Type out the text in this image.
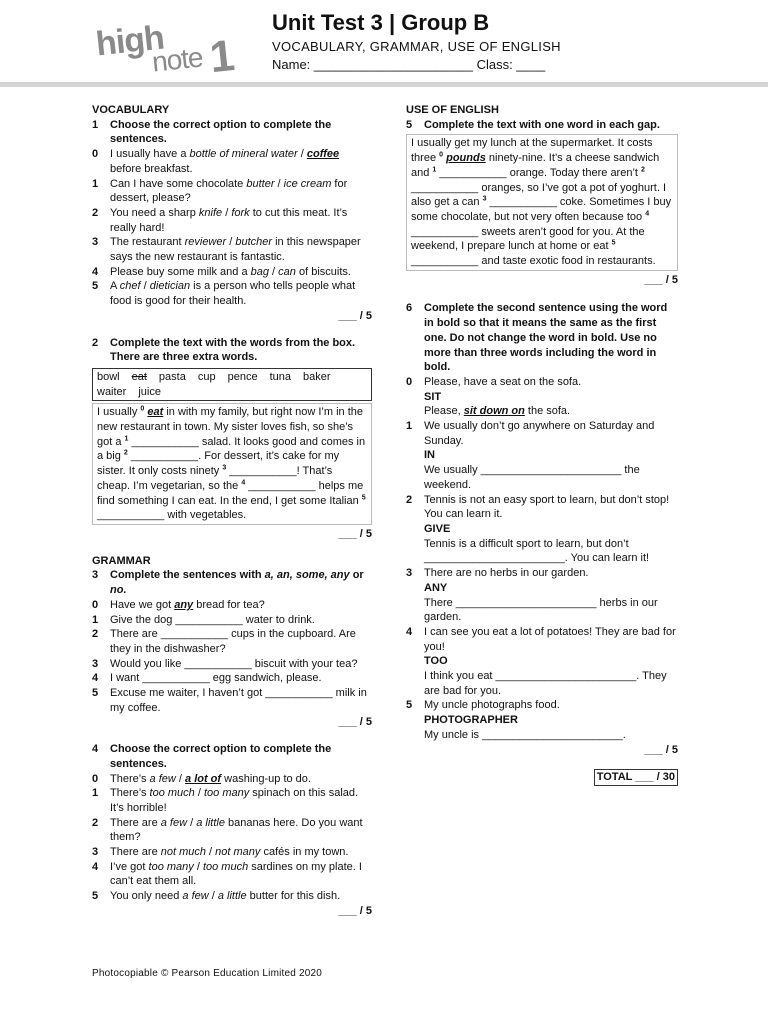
high
note 1
Unit Test 3 | Group B
VOCABULARY, GRAMMAR, USE OF ENGLISH
Name: ______________________ Class: ____

VOCABULARY

1	Choose the correct option to complete the sentences.
0	I usually have a bottle of mineral water / coffee before breakfast.
1	Can I have some chocolate butter / ice cream for dessert, please?
2	You need a sharp knife / fork to cut this meat. It’s really hard!
3	The restaurant reviewer / butcher in this newspaper says the new restaurant is fantastic.
4	Please buy some milk and a bag / can of biscuits.
5	A chef / dietician is a person who tells people what food is good for their health.
___ / 5
2	Complete the text with the words from the box. There are three extra words.
bowl eat pasta cup pence tuna baker
waiter juice
I usually $^0$ eat in with my family, but right now I’m in the new restaurant in town. My sister loves fish, so she’s got a $^1$ ___________ salad. It looks good and comes in a big $^2$ ___________. For dessert, it’s cake for my sister. It only costs ninety $^3$ ___________! That’s cheap. I’m vegetarian, so the $^4$ ___________ helps me find something I can eat. In the end, I get some Italian $^5$ ___________ with vegetables.
___ / 5

GRAMMAR

3	Complete the sentences with a, an, some, any or no.
0	Have we got any bread for tea?
1	Give the dog ___________ water to drink.
2	There are ___________ cups in the cupboard. Are they in the dishwasher?
3	Would you like ___________ biscuit with your tea?
4	I want ___________ egg sandwich, please.
5	Excuse me waiter, I haven’t got ___________ milk in my coffee.
___ / 5
4	Choose the correct option to complete the sentences.
0	There’s a few / a lot of washing-up to do.
1	There’s too much / too many spinach on this salad. It’s horrible!
2	There are a few / a little bananas here. Do you want them?
3	There are not much / not many cafés in my town.
4	I’ve got too many / too much sardines on my plate. I can’t eat them all.
5	You only need a few / a little butter for this dish.
___ / 5

USE OF ENGLISH

5	Complete the text with one word in each gap.
I usually get my lunch at the supermarket. It costs three $^0$ pounds ninety-nine. It’s a cheese sandwich and $^1$ ___________ orange. Today there aren’t $^2$ ___________ oranges, so I’ve got a pot of yoghurt. I also get a can $^3$ ___________ coke. Sometimes I buy some chocolate, but not very often because too $^4$ ___________ sweets aren’t good for you. At the weekend, I prepare lunch at home or eat $^5$ ___________ and taste exotic food in restaurants.
___ / 5
6	Complete the second sentence using the word in bold so that it means the same as the first one. Do not change the word in bold. Use no more than three words including the word in bold.
0	Please, have a seat on the sofa.
SIT
Please, sit down on the sofa.
1	We usually don’t go anywhere on Saturday and Sunday.
IN
We usually _______________________ the weekend.
2	Tennis is not an easy sport to learn, but don’t stop! You can learn it.
GIVE
Tennis is a difficult sport to learn, but don’t _______________________. You can learn it!
3	There are no herbs in our garden.
ANY
There _______________________ herbs in our garden.
4	I can see you eat a lot of potatoes! They are bad for you!
TOO
I think you eat _______________________. They are bad for you.
5	My uncle photographs food.
PHOTOGRAPHER
My uncle is _______________________.
___ / 5
TOTAL ___ / 30
Photocopiable © Pearson Education Limited 2020
